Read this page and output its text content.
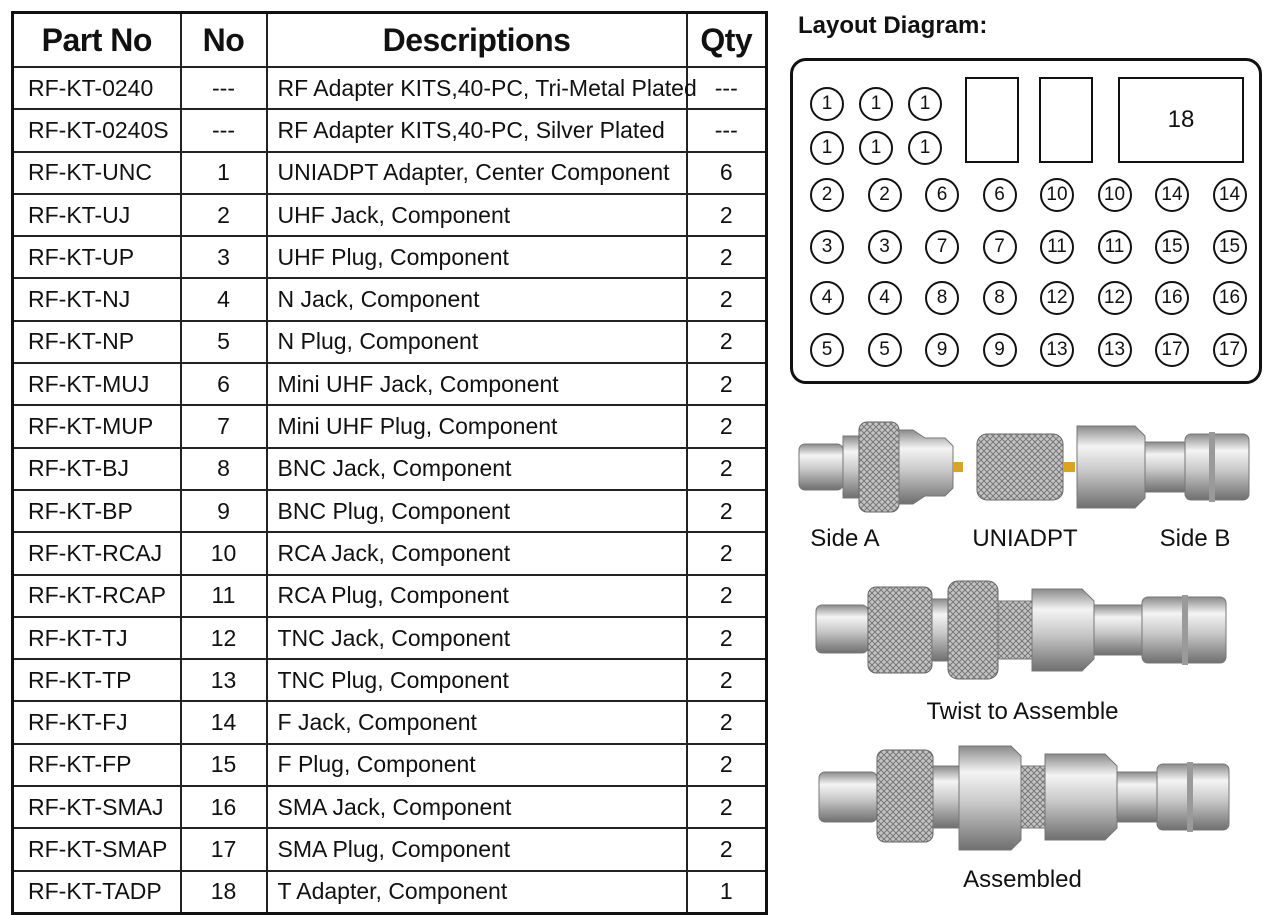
Part No	No	Descriptions	Qty
RF-KT-0240	---	RF Adapter KITS,40-PC, Tri-Metal Plated	---
RF-KT-0240S	---	RF Adapter KITS,40-PC, Silver Plated	---
RF-KT-UNC	1	UNIADPT Adapter, Center Component	6
RF-KT-UJ	2	UHF Jack, Component	2
RF-KT-UP	3	UHF Plug, Component	2
RF-KT-NJ	4	N Jack, Component	2
RF-KT-NP	5	N Plug, Component	2
RF-KT-MUJ	6	Mini UHF Jack, Component	2
RF-KT-MUP	7	Mini UHF Plug, Component	2
RF-KT-BJ	8	BNC Jack, Component	2
RF-KT-BP	9	BNC Plug, Component	2
RF-KT-RCAJ	10	RCA Jack, Component	2
RF-KT-RCAP	11	RCA Plug, Component	2
RF-KT-TJ	12	TNC Jack, Component	2
RF-KT-TP	13	TNC Plug, Component	2
RF-KT-FJ	14	F Jack, Component	2
RF-KT-FP	15	F Plug, Component	2
RF-KT-SMAJ	16	SMA Jack, Component	2
RF-KT-SMAP	17	SMA Plug, Component	2
RF-KT-TADP	18	T Adapter, Component	1
Layout Diagram:
18
1	1	1
1	1	1
2	2	6	6	10	10	14	14
3	3	7	7	11	11	15	15
4	4	8	8	12	12	16	16
5	5	9	9	13	13	17	17
Side A	UNIADPT	Side B
Twist to Assemble
Assembled
